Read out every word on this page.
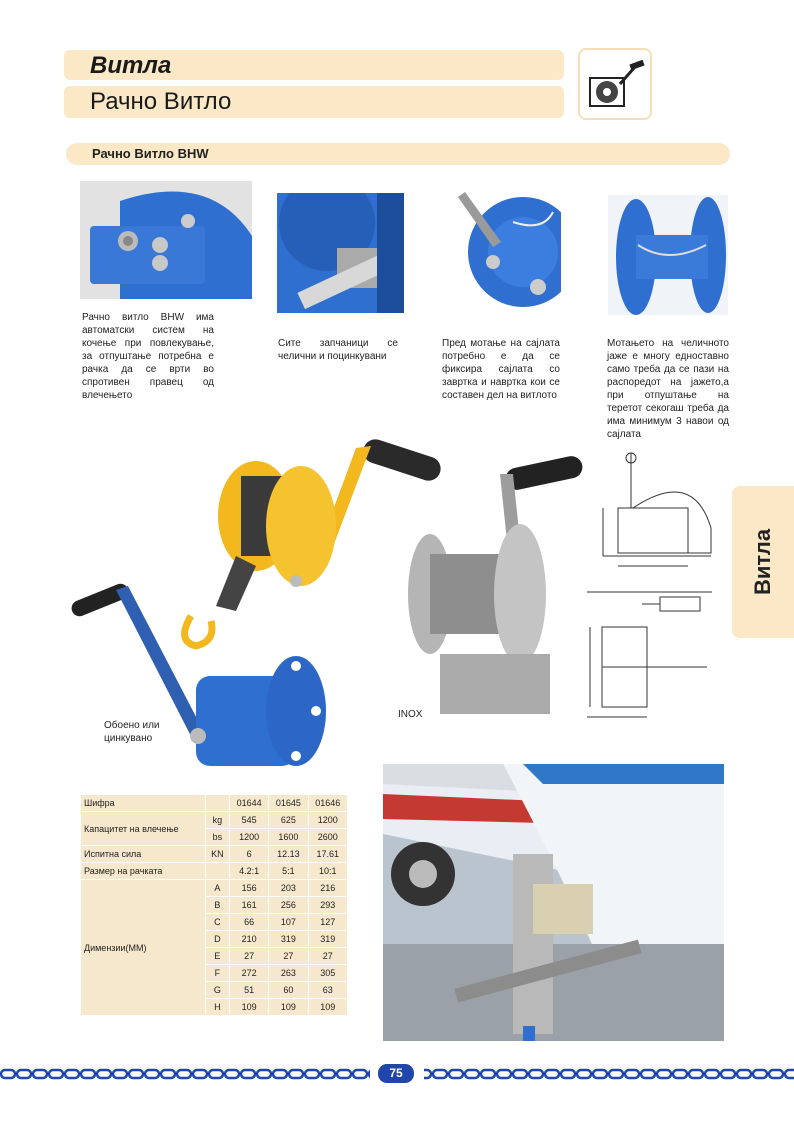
Витла
Рачно Витло
Рачно Витло BHW
Рачно витло BHW има автоматски систем на кочење при повлекување, за отпуштање потребна е рачка да се врти во спротивен правец од влечењето
Сите запчаници се челични и поцинкувани
Пред мотање на сајлата потребно е да се фиксира сајлата со завртка и навртка кои се составен дел на витлото
Мотањето на челичното јаже е многу едноставно само треба да се пази на распоредот на јажето,а при отпуштање на теретот секогаш треба да има минимум 3 навои од сајлата
Обоено или цинкувано
INOX
Витла
Шифра		01644	01645	01646
Капацитет на влечење	kg	545	625	1200
	bs	1200	1600	2600
Испитна сила	KN	6	12.13	17.61
Размер на рачката		4.2:1	5:1	10:1
Димензии(ММ)	A	156	203	216
	B	161	256	293
	C	66	107	127
	D	210	319	319
	E	27	27	27
	F	272	263	305
	G	51	60	63
	H	109	109	109
75
